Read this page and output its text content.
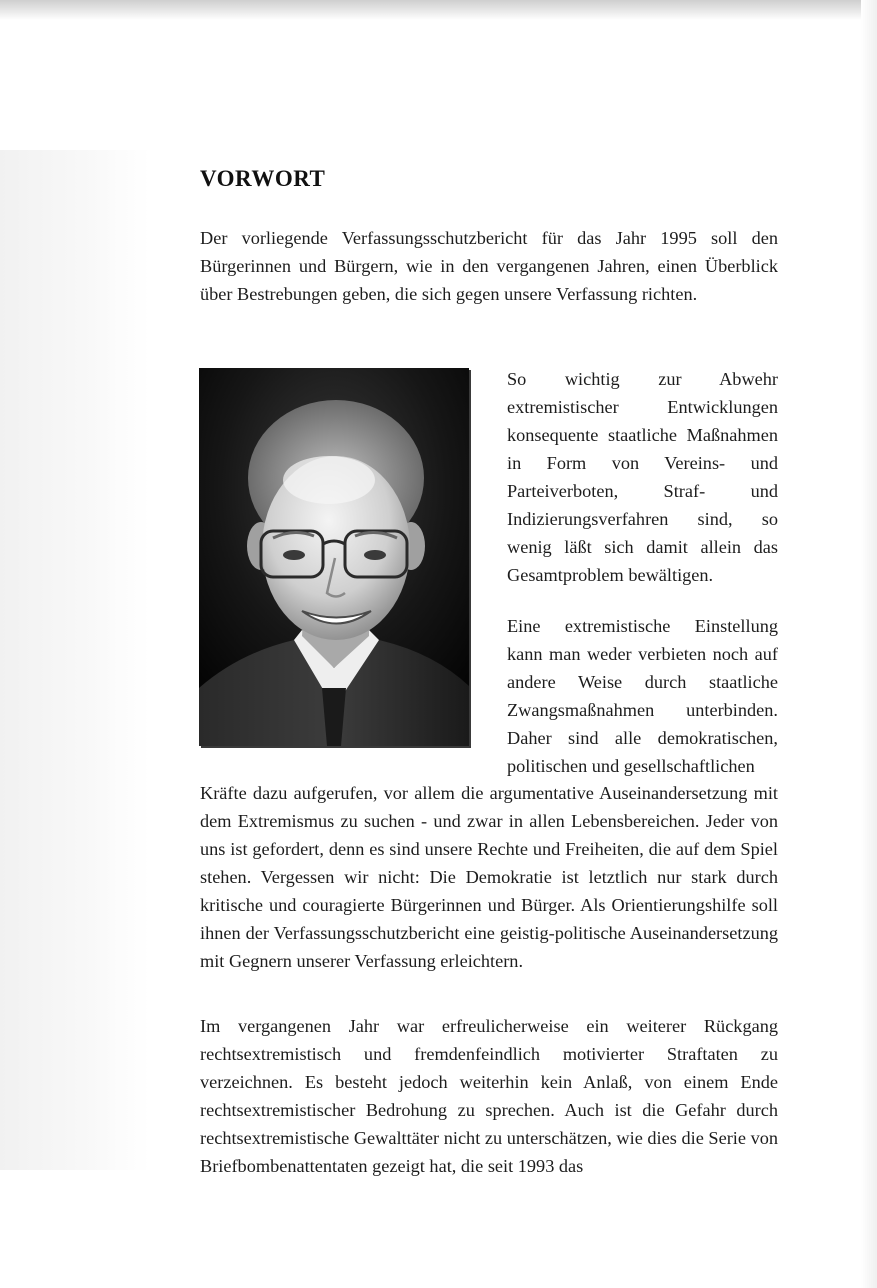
VORWORT

Der vorliegende Verfassungsschutzbericht für das Jahr 1995 soll den Bürgerinnen und Bürgern, wie in den vergangenen Jahren, einen Überblick über Bestrebungen geben, die sich gegen unsere Verfassung richten.

So wichtig zur Abwehr extremistischer Entwicklungen konsequente staatliche Maßnahmen in Form von Vereins- und Parteiverboten, Straf- und Indizierungsverfahren sind, so wenig läßt sich damit allein das Gesamtproblem bewältigen.

Eine extremistische Einstellung kann man weder verbieten noch auf andere Weise durch staatliche Zwangsmaßnahmen unterbinden. Daher sind alle demokratischen, politischen und gesellschaftlichen

Kräfte dazu aufgerufen, vor allem die argumentative Auseinandersetzung mit dem Extremismus zu suchen - und zwar in allen Lebensbereichen. Jeder von uns ist gefordert, denn es sind unsere Rechte und Freiheiten, die auf dem Spiel stehen. Vergessen wir nicht: Die Demokratie ist letztlich nur stark durch kritische und couragierte Bürgerinnen und Bürger. Als Orientierungshilfe soll ihnen der Verfassungsschutzbericht eine geistig-politische Auseinandersetzung mit Gegnern unserer Verfassung erleichtern.

Im vergangenen Jahr war erfreulicherweise ein weiterer Rückgang rechtsextremistisch und fremdenfeindlich motivierter Straftaten zu verzeichnen. Es besteht jedoch weiterhin kein Anlaß, von einem Ende rechtsextremistischer Bedrohung zu sprechen. Auch ist die Gefahr durch rechtsextremistische Gewalttäter nicht zu unterschätzen, wie dies die Serie von Briefbombenattentaten gezeigt hat, die seit 1993 das
